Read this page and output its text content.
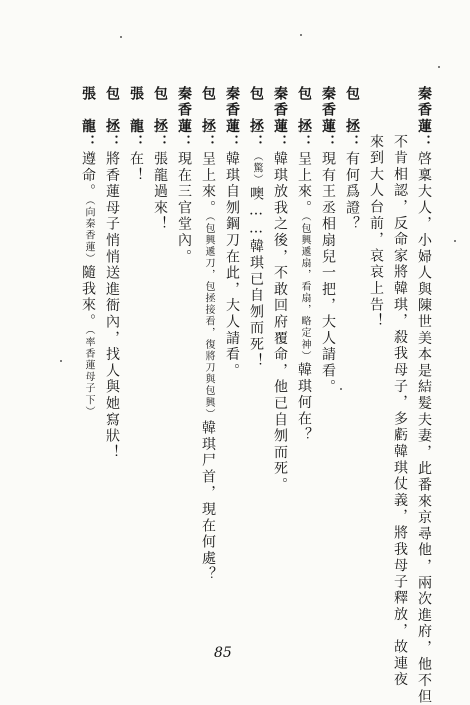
秦香蓮：啓稟大人，小婦人與陳世美本是結髮夫妻，此番來京尋他，兩次進府，他不但
不肯相認，反命家將韓琪，殺我母子，多虧韓琪仗義，將我母子釋放，故連夜
來到大人台前，哀哀上告！
包　拯：有何爲證？
秦香蓮：現有王丞相扇兒一把，大人請看。
包　拯：呈上來。（包興遞扇，看扇，略定神）韓琪何在？
秦香蓮：韓琪放我之後，不敢回府覆命，他已自刎而死。
包　拯：（驚）噢……韓琪已自刎而死！
秦香蓮：韓琪自刎鋼刀在此，大人請看。
包　拯：呈上來。（包興遞刀，包拯接看，復將刀與包興）韓琪尸首，現在何處？
秦香蓮：現在三官堂內。
包　拯：張龍過來！
張　龍：在！
包　拯：將香蓮母子悄悄送進衙內，找人與她寫狀！
張　龍：遵命。（向秦香蓮）隨我來。（率香蓮母子下）
85
